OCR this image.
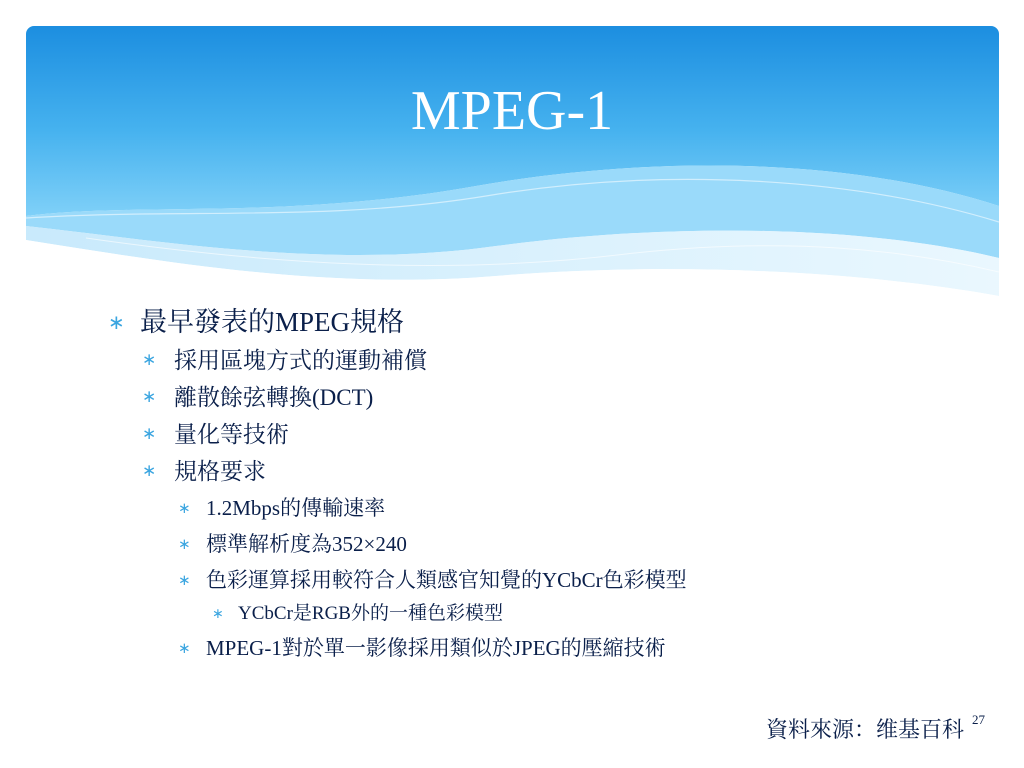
MPEG-1
∗ 最早發表的MPEG規格
∗ 採用區塊方式的運動補償
∗ 離散餘弦轉換(DCT)
∗ 量化等技術
∗ 規格要求
∗ 1.2Mbps的傳輸速率
∗ 標準解析度為352×240
∗ 色彩運算採用較符合人類感官知覺的YCbCr色彩模型
∗ YCbCr是RGB外的一種色彩模型
∗ MPEG-1對於單一影像採用類似於JPEG的壓縮技術
資料來源：维基百科 27
